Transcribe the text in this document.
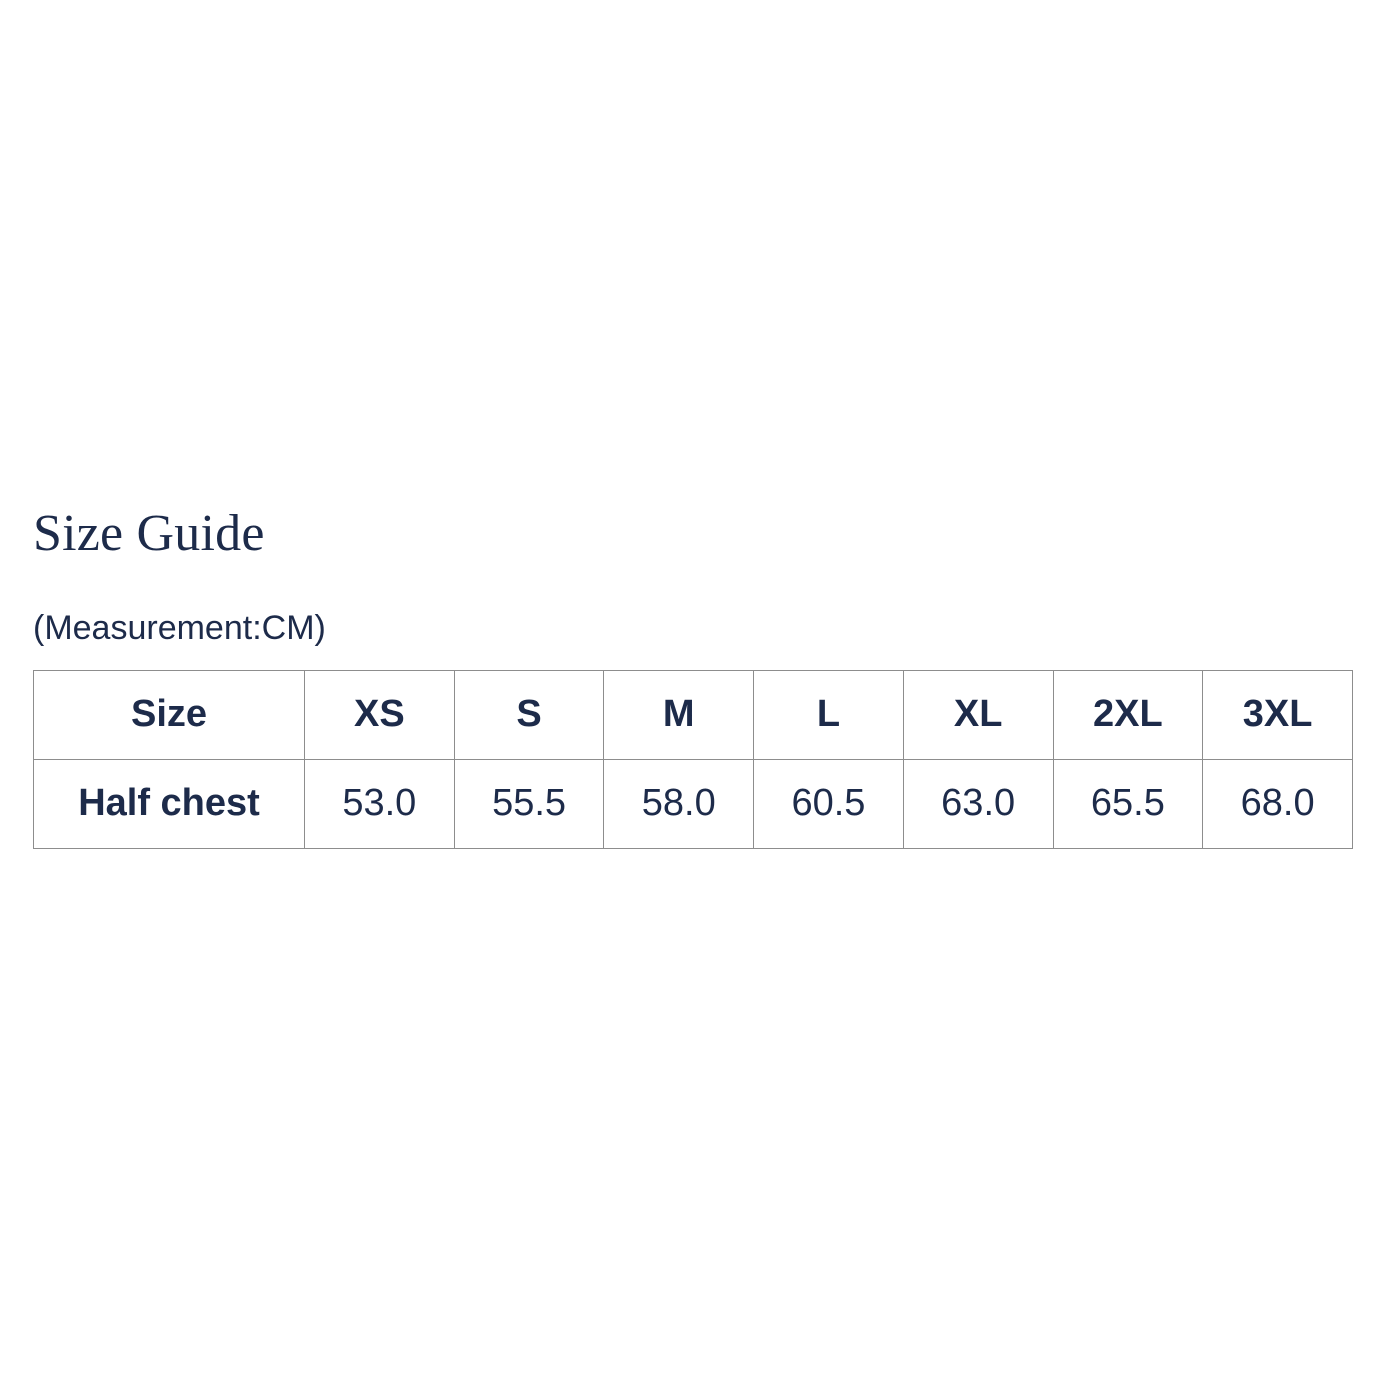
Size Guide
(Measurement:CM)
Size	XS	S	M	L	XL	2XL	3XL
Half chest	53.0	55.5	58.0	60.5	63.0	65.5	68.0
